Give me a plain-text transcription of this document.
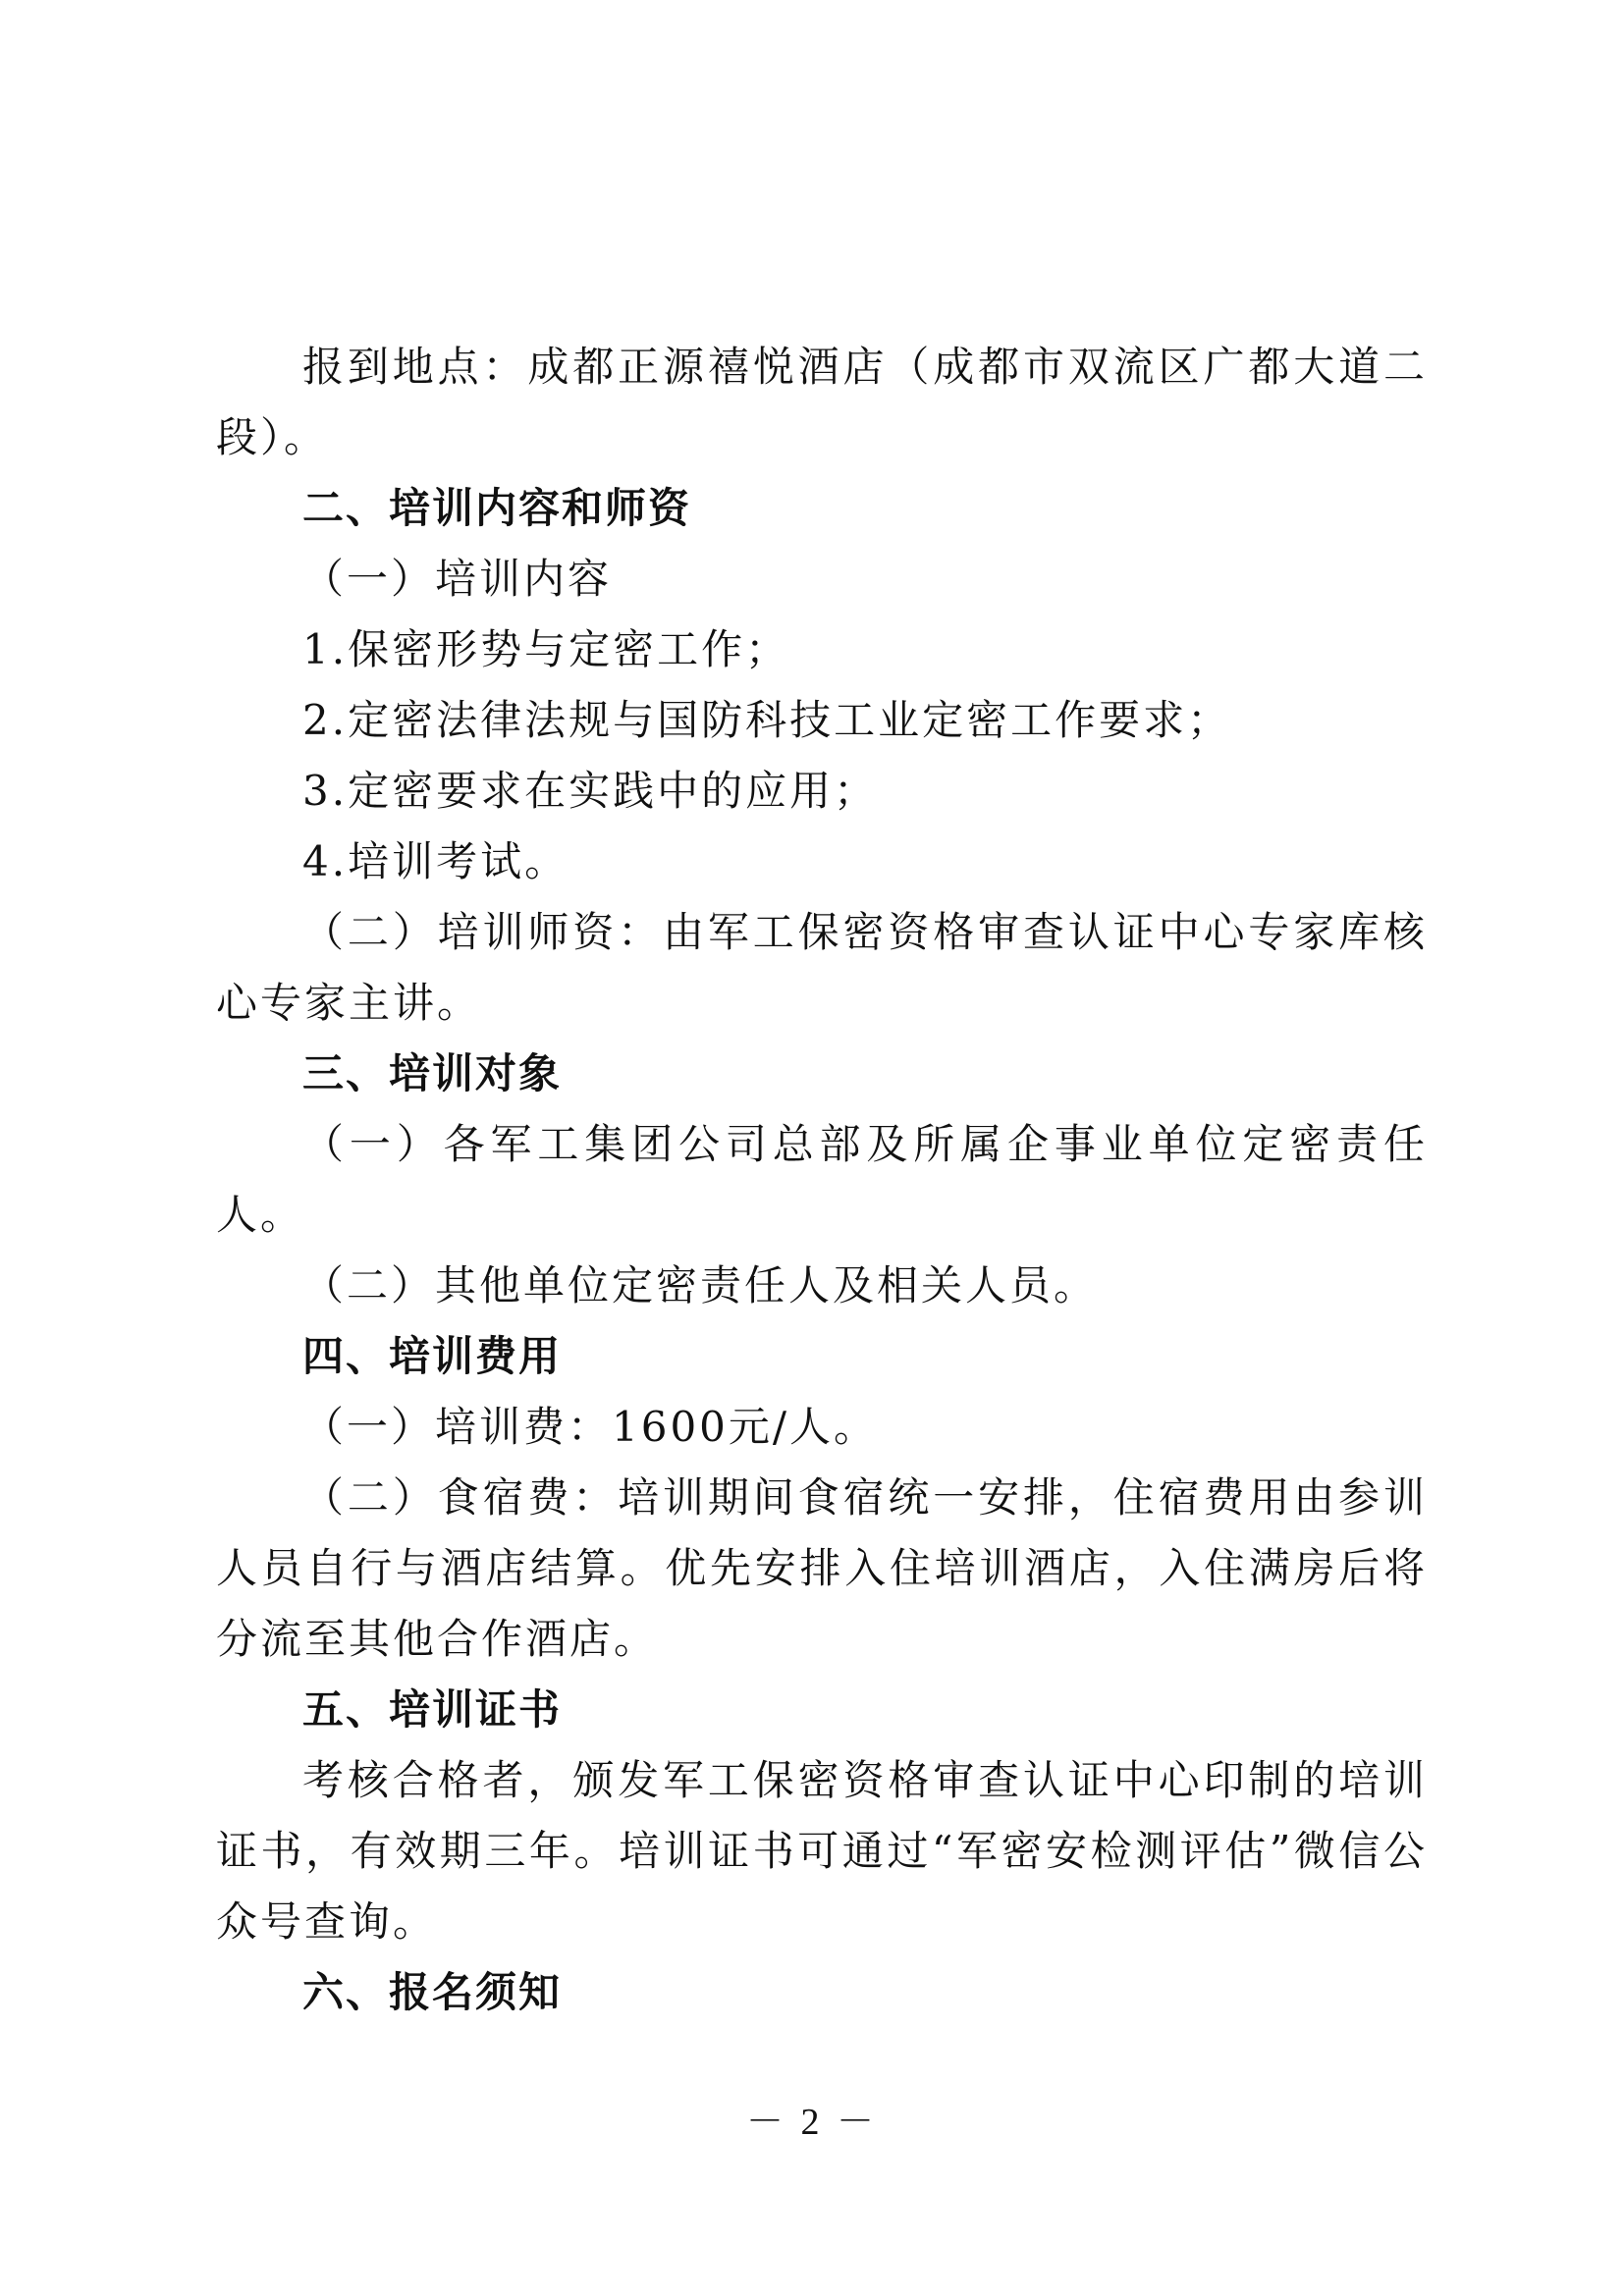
报到地点：成都正源禧悦酒店（成都市双流区广都大道二段）。

二、培训内容和师资

（一）培训内容

1.保密形势与定密工作；

2.定密法律法规与国防科技工业定密工作要求；

3.定密要求在实践中的应用；

4.培训考试。

（二）培训师资：由军工保密资格审查认证中心专家库核心专家主讲。

三、培训对象

（一）各军工集团公司总部及所属企事业单位定密责任人。

（二）其他单位定密责任人及相关人员。

四、培训费用

（一）培训费：1600元/人。

（二）食宿费：培训期间食宿统一安排，住宿费用由参训人员自行与酒店结算。优先安排入住培训酒店，入住满房后将分流至其他合作酒店。

五、培训证书

考核合格者，颁发军工保密资格审查认证中心印制的培训证书，有效期三年。培训证书可通过“军密安检测评估”微信公众号查询。

六、报名须知

－ 2 －
